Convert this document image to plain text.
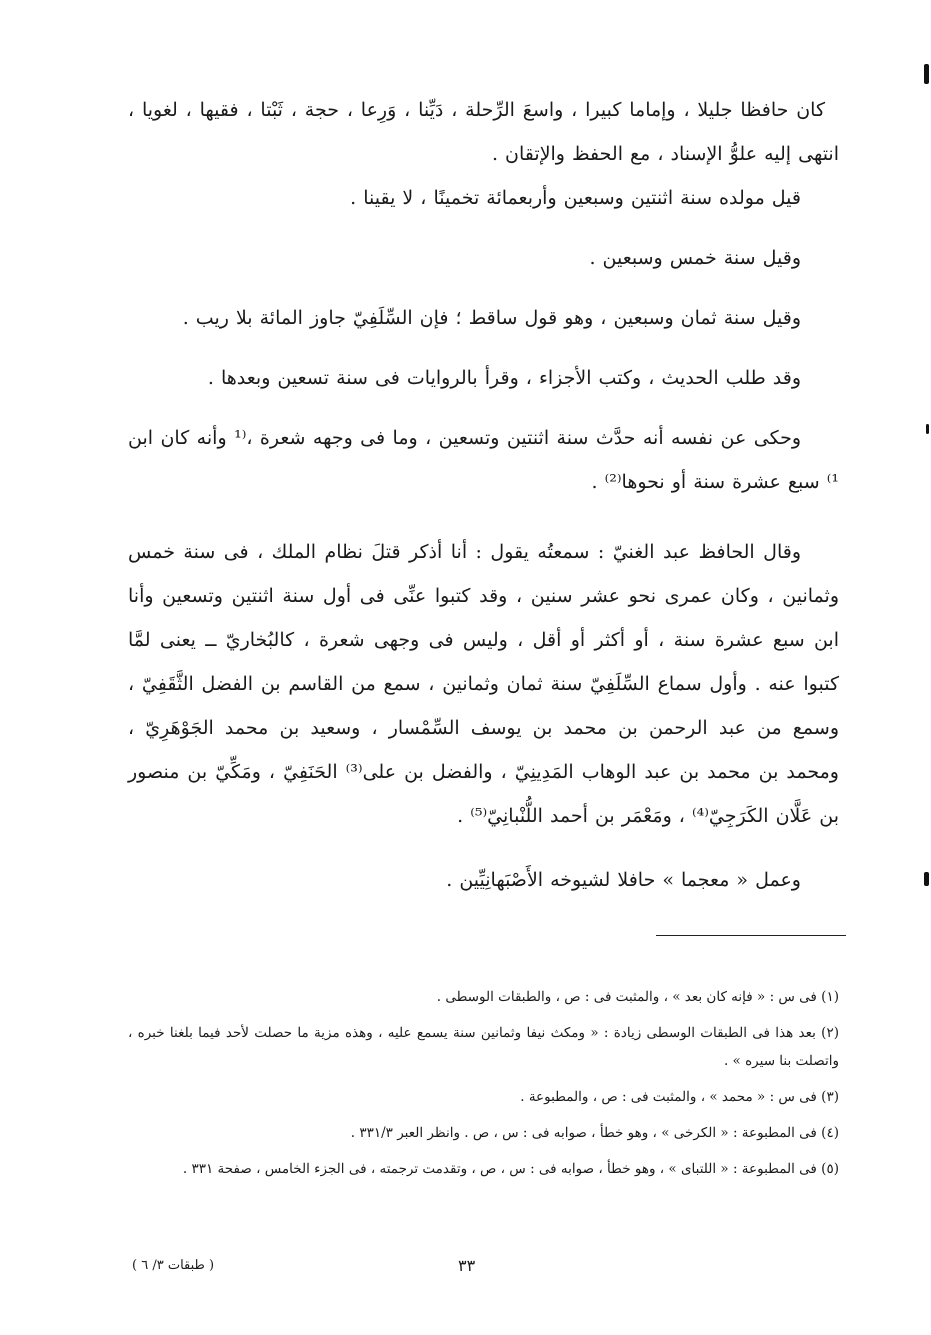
كان حافظا جليلا ، وإماما كبيرا ، واسعَ الرِّحلة ، دَيِّنا ، وَرِعا ، حجة ، ثَبْتا ، فقيها ، لغويا ، انتهى إليه علوُّ الإسناد ، مع الحفظ والإتقان .

قيل مولده سنة اثنتين وسبعين وأربعمائة تخمينًا ، لا يقينا .

وقيل سنة خمس وسبعين .

وقيل سنة ثمان وسبعين ، وهو قول ساقط ؛ فإن السِّلَفِيّ جاوز المائة بلا ريب .

وقد طلب الحديث ، وكتب الأجزاء ، وقرأ بالروايات فى سنة تسعين وبعدها .

وحكى عن نفسه أنه حدَّث سنة اثنتين وتسعين ، وما فى وجهه شعرة ،⁽¹ وأنه كان ابن ¹⁾ سبع عشرة سنة أو نحوها⁽²⁾ .

وقال الحافظ عبد الغنيّ : سمعتُه يقول : أنا أذكر قتلَ نظام الملك ، فى سنة خمس وثمانين ، وكان عمرى نحو عشر سنين ، وقد كتبوا عنِّى فى أول سنة اثنتين وتسعين وأنا ابن سبع عشرة سنة ، أو أكثر أو أقل ، وليس فى وجهى شعرة ، كالبُخاريّ ــ يعنى لمَّا كتبوا عنه . وأول سماع السِّلَفِيّ سنة ثمان وثمانين ، سمع من القاسم بن الفضل الثَّقَفِيّ ، وسمع من عبد الرحمن بن محمد بن يوسف السِّمْسار ، وسعيد بن محمد الجَوْهَرِيّ ، ومحمد بن محمد بن عبد الوهاب المَدِينِيّ ، والفضل بن على⁽³⁾ الحَنَفِيّ ، ومَكِّيّ بن منصور بن عَلَّان الكَرَجِيّ⁽⁴⁾ ، ومَعْمَر بن أحمد اللُّنْبانِيّ⁽⁵⁾ .

وعمل « معجما » حافلا لشيوخه الأَصْبَهانِيِّين .

(١) فى س : « فإنه كان بعد » ، والمثبت فى : ص ، والطبقات الوسطى .

(٢) بعد هذا فى الطبقات الوسطى زيادة : « ومكث نيفا وثمانين سنة يسمع عليه ، وهذه مزية ما حصلت لأحد فيما بلغنا خبره ، واتصلت بنا سيره » .

(٣) فى س : « محمد » ، والمثبت فى : ص ، والمطبوعة .

(٤) فى المطبوعة : « الكرخى » ، وهو خطأ ، صوابه فى : س ، ص . وانظر العبر ٣٣١/٣ .

(٥) فى المطبوعة : « اللتباى » ، وهو خطأ ، صوابه فى : س ، ص ، وتقدمت ترجمته ، فى الجزء الخامس ، صفحة ٣٣١ .

٣٣
( طبقات ٣/ ٦ )
